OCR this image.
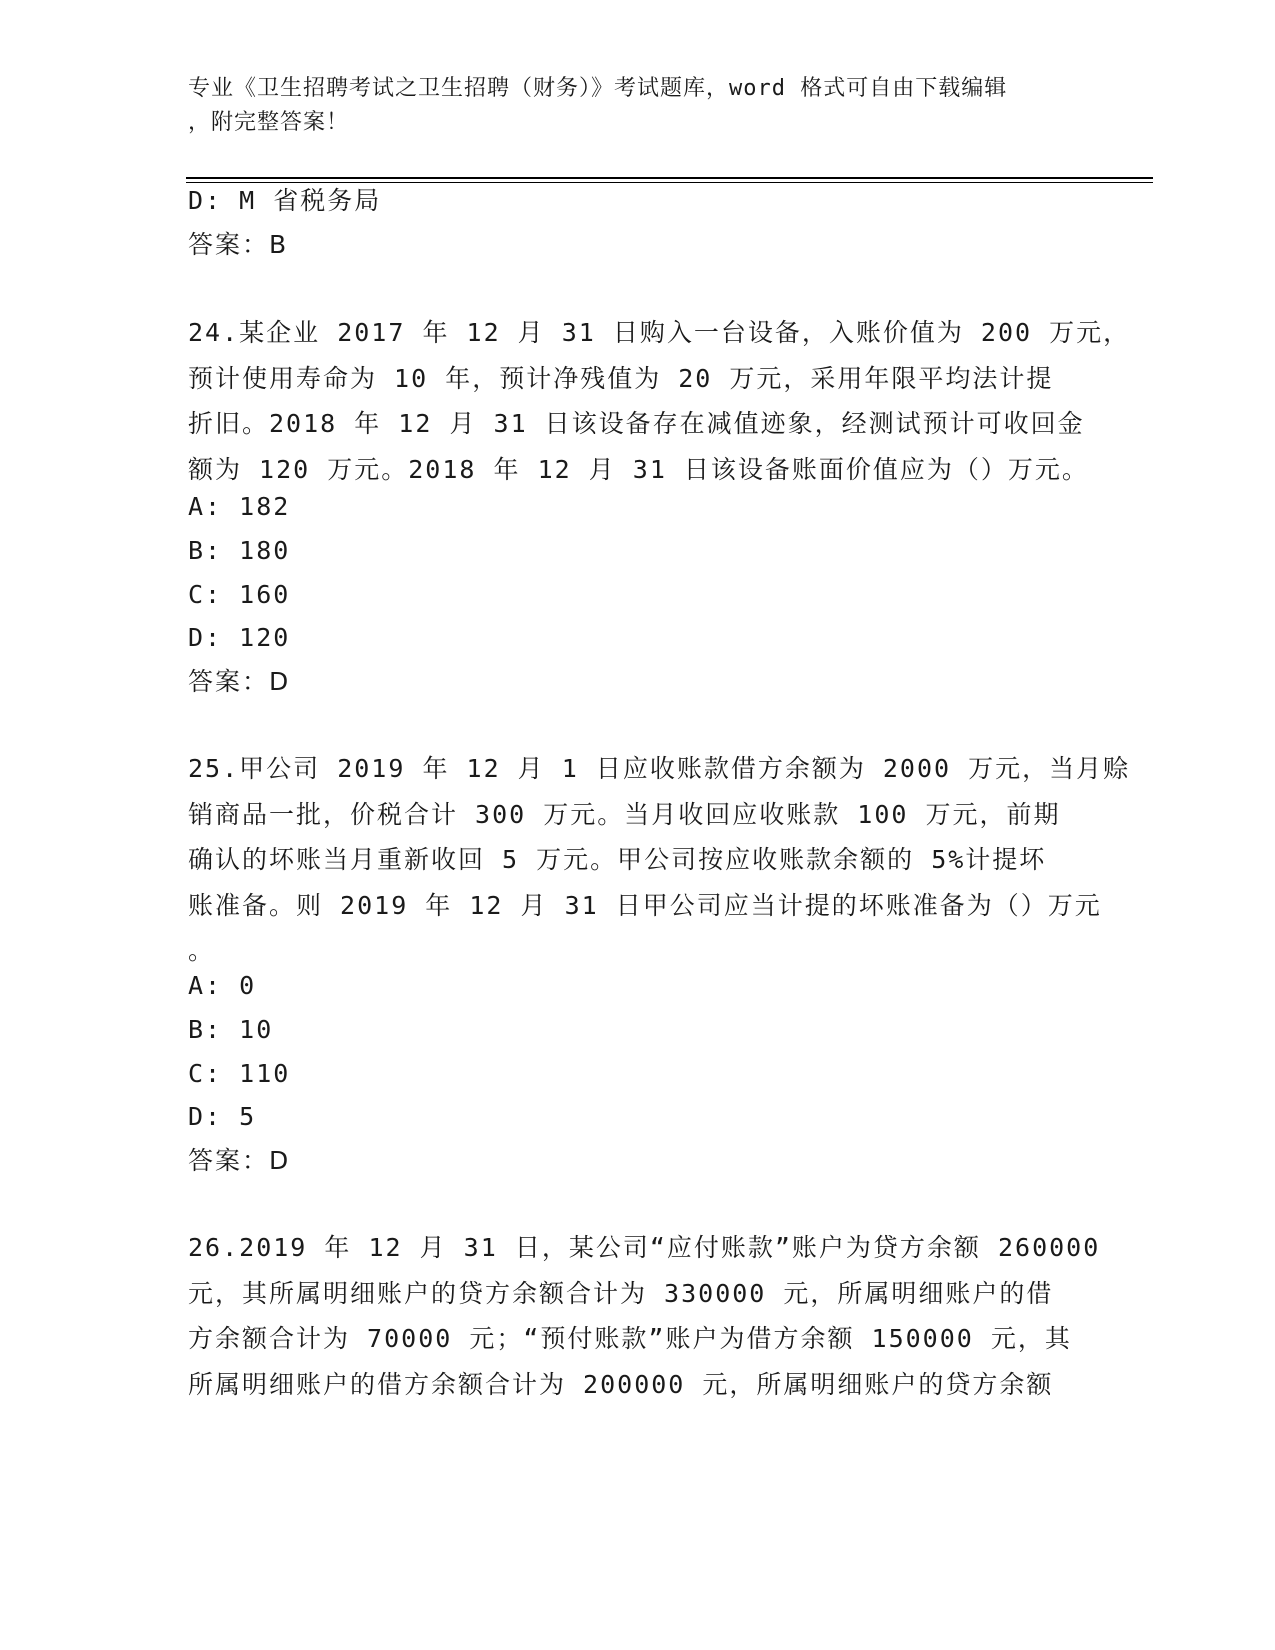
专业《卫生招聘考试之卫生招聘（财务）》考试题库，word 格式可自由下载编辑
，附完整答案！
D: M 省税务局
答案：B
24.某企业 2017 年 12 月 31 日购入一台设备，入账价值为 200 万元，
预计使用寿命为 10 年，预计净残值为 20 万元，采用年限平均法计提
折旧。2018 年 12 月 31 日该设备存在减值迹象，经测试预计可收回金
额为 120 万元。2018 年 12 月 31 日该设备账面价值应为（）万元。
A: 182
B: 180
C: 160
D: 120
答案：D
25.甲公司 2019 年 12 月 1 日应收账款借方余额为 2000 万元，当月赊
销商品一批，价税合计 300 万元。当月收回应收账款 100 万元，前期
确认的坏账当月重新收回 5 万元。甲公司按应收账款余额的 5%计提坏
账准备。则 2019 年 12 月 31 日甲公司应当计提的坏账准备为（）万元
。
A: 0
B: 10
C: 110
D: 5
答案：D
26.2019 年 12 月 31 日，某公司“应付账款”账户为贷方余额 260000
元，其所属明细账户的贷方余额合计为 330000 元，所属明细账户的借
方余额合计为 70000 元；“预付账款”账户为借方余额 150000 元，其
所属明细账户的借方余额合计为 200000 元，所属明细账户的贷方余额
